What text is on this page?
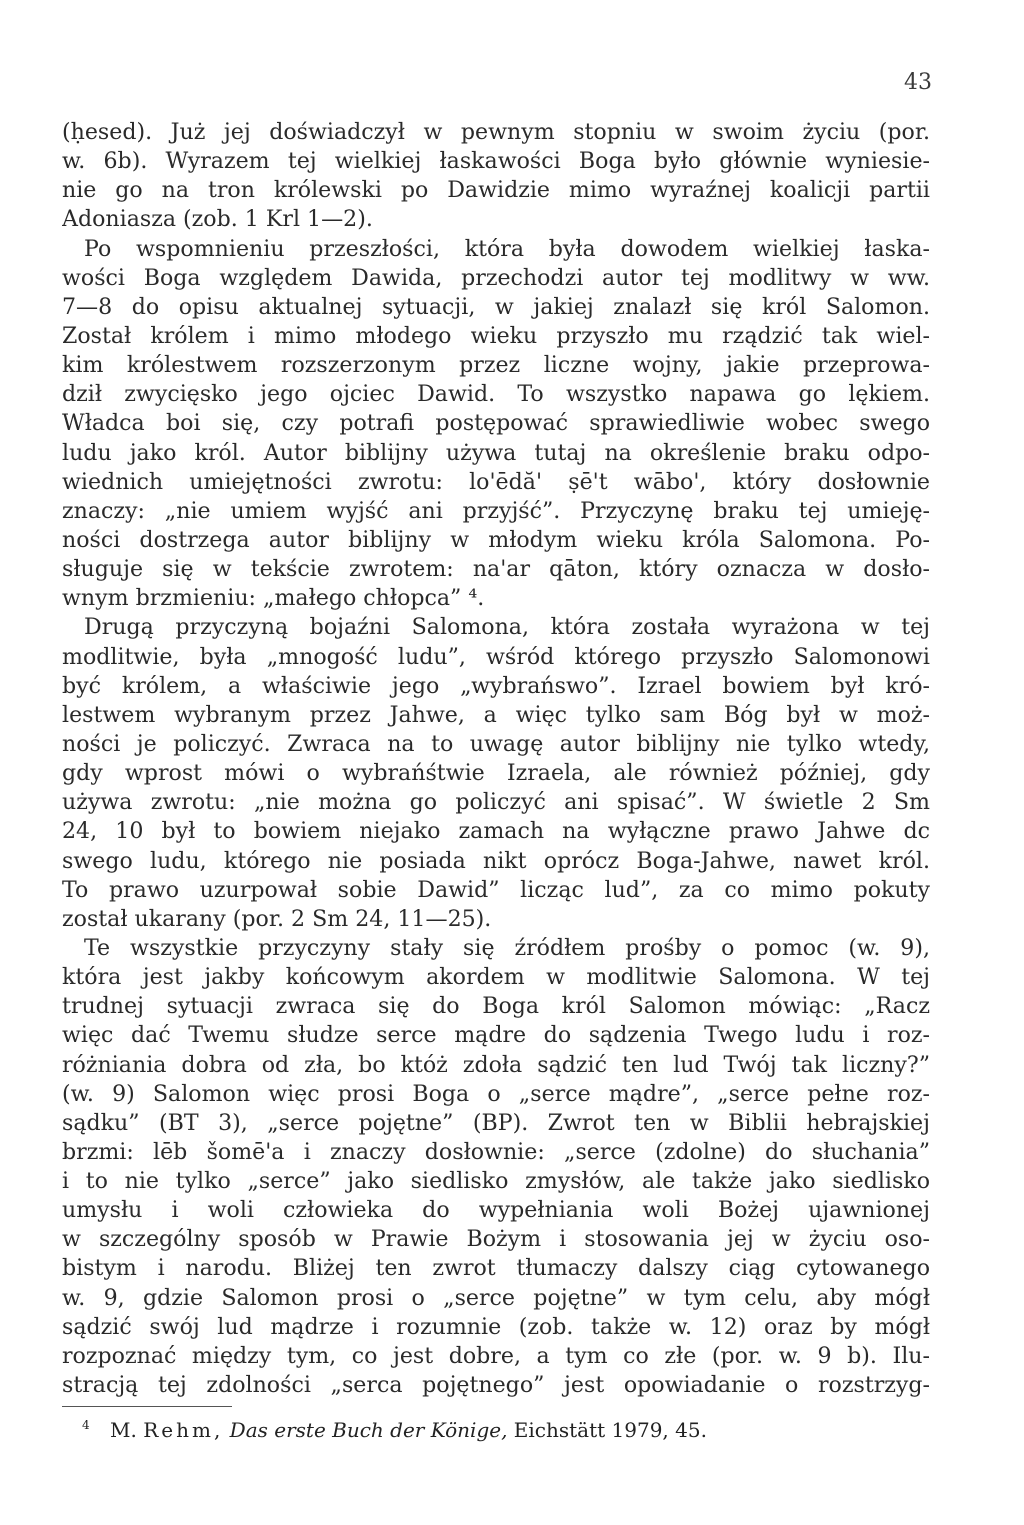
43
(ḥesed). Już jej doświadczył w pewnym stopniu w swoim życiu (por.
w. 6b). Wyrazem tej wielkiej łaskawości Boga było głównie wyniesie-
nie go na tron królewski po Dawidzie mimo wyraźnej koalicji partii
Adoniasza (zob. 1 Krl 1—2).
Po wspomnieniu przeszłości, która była dowodem wielkiej łaska-
wości Boga względem Dawida, przechodzi autor tej modlitwy w ww.
7—8 do opisu aktualnej sytuacji, w jakiej znalazł się król Salomon.
Został królem i mimo młodego wieku przyszło mu rządzić tak wiel-
kim królestwem rozszerzonym przez liczne wojny, jakie przeprowa-
dził zwycięsko jego ojciec Dawid. To wszystko napawa go lękiem.
Władca boi się, czy potrafi postępować sprawiedliwie wobec swego
ludu jako król. Autor biblijny używa tutaj na określenie braku odpo-
wiednich umiejętności zwrotu: lo'ēdă' ṣē't wābo', który dosłownie
znaczy: „nie umiem wyjść ani przyjść”. Przyczynę braku tej umieję-
ności dostrzega autor biblijny w młodym wieku króla Salomona. Po-
sługuje się w tekście zwrotem: na'ar qāton, który oznacza w dosło-
wnym brzmieniu: „małego chłopca” ⁴.
Drugą przyczyną bojaźni Salomona, która została wyrażona w tej
modlitwie, była „mnogość ludu”, wśród którego przyszło Salomonowi
być królem, a właściwie jego „wybrańswo”. Izrael bowiem był kró-
lestwem wybranym przez Jahwe, a więc tylko sam Bóg był w moż-
ności je policzyć. Zwraca na to uwagę autor biblijny nie tylko wtedy,
gdy wprost mówi o wybrańśtwie Izraela, ale również później, gdy
używa zwrotu: „nie można go policzyć ani spisać”. W świetle 2 Sm
24, 10 był to bowiem niejako zamach na wyłączne prawo Jahwe dc
swego ludu, którego nie posiada nikt oprócz Boga-Jahwe, nawet król.
To prawo uzurpował sobie Dawid” licząc lud”, za co mimo pokuty
został ukarany (por. 2 Sm 24, 11—25).
Te wszystkie przyczyny stały się źródłem prośby o pomoc (w. 9),
która jest jakby końcowym akordem w modlitwie Salomona. W tej
trudnej sytuacji zwraca się do Boga król Salomon mówiąc: „Racz
więc dać Twemu słudze serce mądre do sądzenia Twego ludu i roz-
różniania dobra od zła, bo któż zdoła sądzić ten lud Twój tak liczny?”
(w. 9) Salomon więc prosi Boga o „serce mądre”, „serce pełne roz-
sądku” (BT 3), „serce pojętne” (BP). Zwrot ten w Biblii hebrajskiej
brzmi: lēb šomē'a i znaczy dosłownie: „serce (zdolne) do słuchania”
i to nie tylko „serce” jako siedlisko zmysłów, ale także jako siedlisko
umysłu i woli człowieka do wypełniania woli Bożej ujawnionej
w szczególny sposób w Prawie Bożym i stosowania jej w życiu oso-
bistym i narodu. Bliżej ten zwrot tłumaczy dalszy ciąg cytowanego
w. 9, gdzie Salomon prosi o „serce pojętne” w tym celu, aby mógł
sądzić swój lud mądrze i rozumnie (zob. także w. 12) oraz by mógł
rozpoznać między tym, co jest dobre, a tym co złe (por. w. 9 b). Ilu-
stracją tej zdolności „serca pojętnego” jest opowiadanie o rozstrzyg-
$^4$ M. Rehm, Das erste Buch der Könige, Eichstätt 1979, 45.
